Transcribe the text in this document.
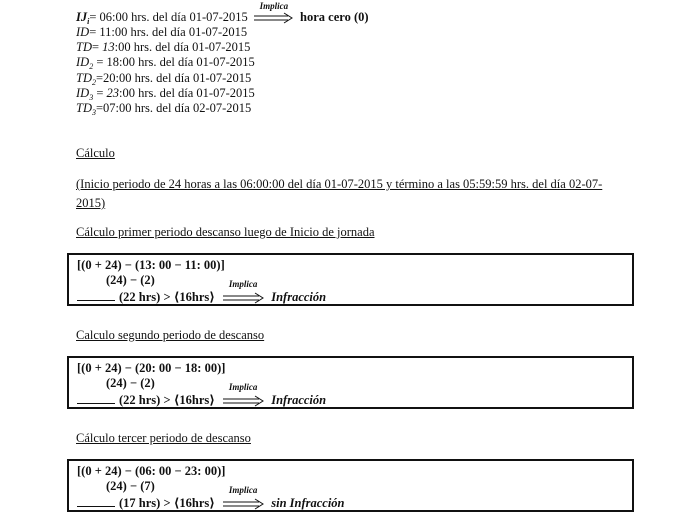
$IJ_i=$ 06:00 hrs. del día 01-07-2015
Implica
hora cero (0)
ID= 11:00 hrs. del día 01-07-2015
TD= 13:00 hrs. del día 01-07-2015
$ID_2$ = 18:00 hrs. del día 01-07-2015
$TD_2=20:00$ hrs. del día 01-07-2015
$ID_3$ = 23:00 hrs. del día 01-07-2015
$TD_3=07:00$ hrs. del día 02-07-2015
Cálculo
(Inicio periodo de 24 horas a las 06:00:00 del día 01-07-2015 y término a las 05:59:59 hrs. del día 02-07-2015)
Cálculo primer periodo descanso luego de Inicio de jornada
[(0 + 24) − (13: 00 − 11: 00)]
(24) − (2)
(22 hrs) > ⟨16hrs⟩
Implica
Infracción
Calculo segundo periodo de descanso
[(0 + 24) − (20: 00 − 18: 00)]
(24) − (2)
(22 hrs) > ⟨16hrs⟩
Implica
Infracción
Cálculo tercer periodo de descanso
[(0 + 24) − (06: 00 − 23: 00)]
(24) − (7)
(17 hrs) > ⟨16hrs⟩
Implica
sin Infracción
